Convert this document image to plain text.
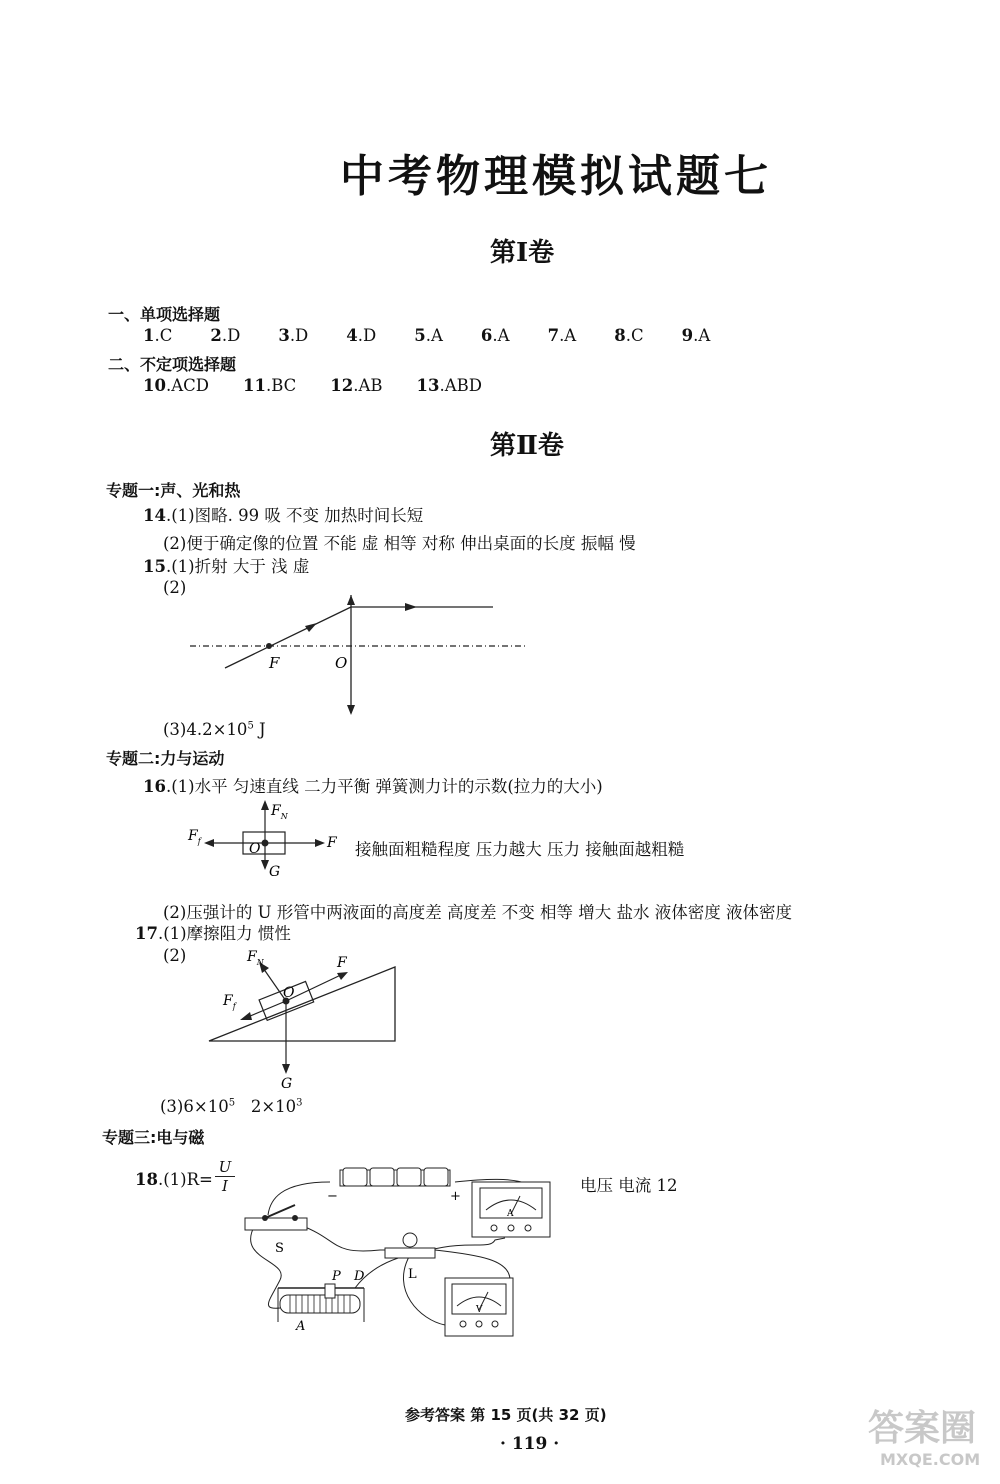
中考物理模拟试题七
第Ⅰ卷
一、单项选择题
1.C 2.D 3.D 4.D 5.A 6.A 7.A 8.C 9.A
二、不定项选择题
10.ACD 11.BC 12.AB 13.ABD
第Ⅱ卷
专题一:声、光和热
14.(1)图略. 99 吸 不变 加热时间长短
(2)便于确定像的位置 不能 虚 相等 对称 伸出桌面的长度 振幅 慢
15.(1)折射 大于 浅 虚
(2)
F	O
$(3)4.2\times 10^5$ J
专题二:力与运动
16.(1)水平 匀速直线 二力平衡 弹簧测力计的示数(拉力的大小)
$F_N$
$F_f$	F
O
G
接触面粗糙程度 压力越大 压力 接触面越粗糙
(2)压强计的 U 形管中两液面的高度差 高度差 不变 相等 增大 盐水 液体密度 液体密度
17.(1)摩擦阻力 惯性
(2)	$F_N$	F
$F_f$
O
G
$(3)6\times 10^5$ $2\times 10^3$
专题三:电与磁
$18.(1)R= \frac{U}{I}$	电压 电流 12
−	+
S
L
A
V
P D
A
参考答案 第 15 页(共 32 页)
· 119 ·	答案圈
MXQE.COM
